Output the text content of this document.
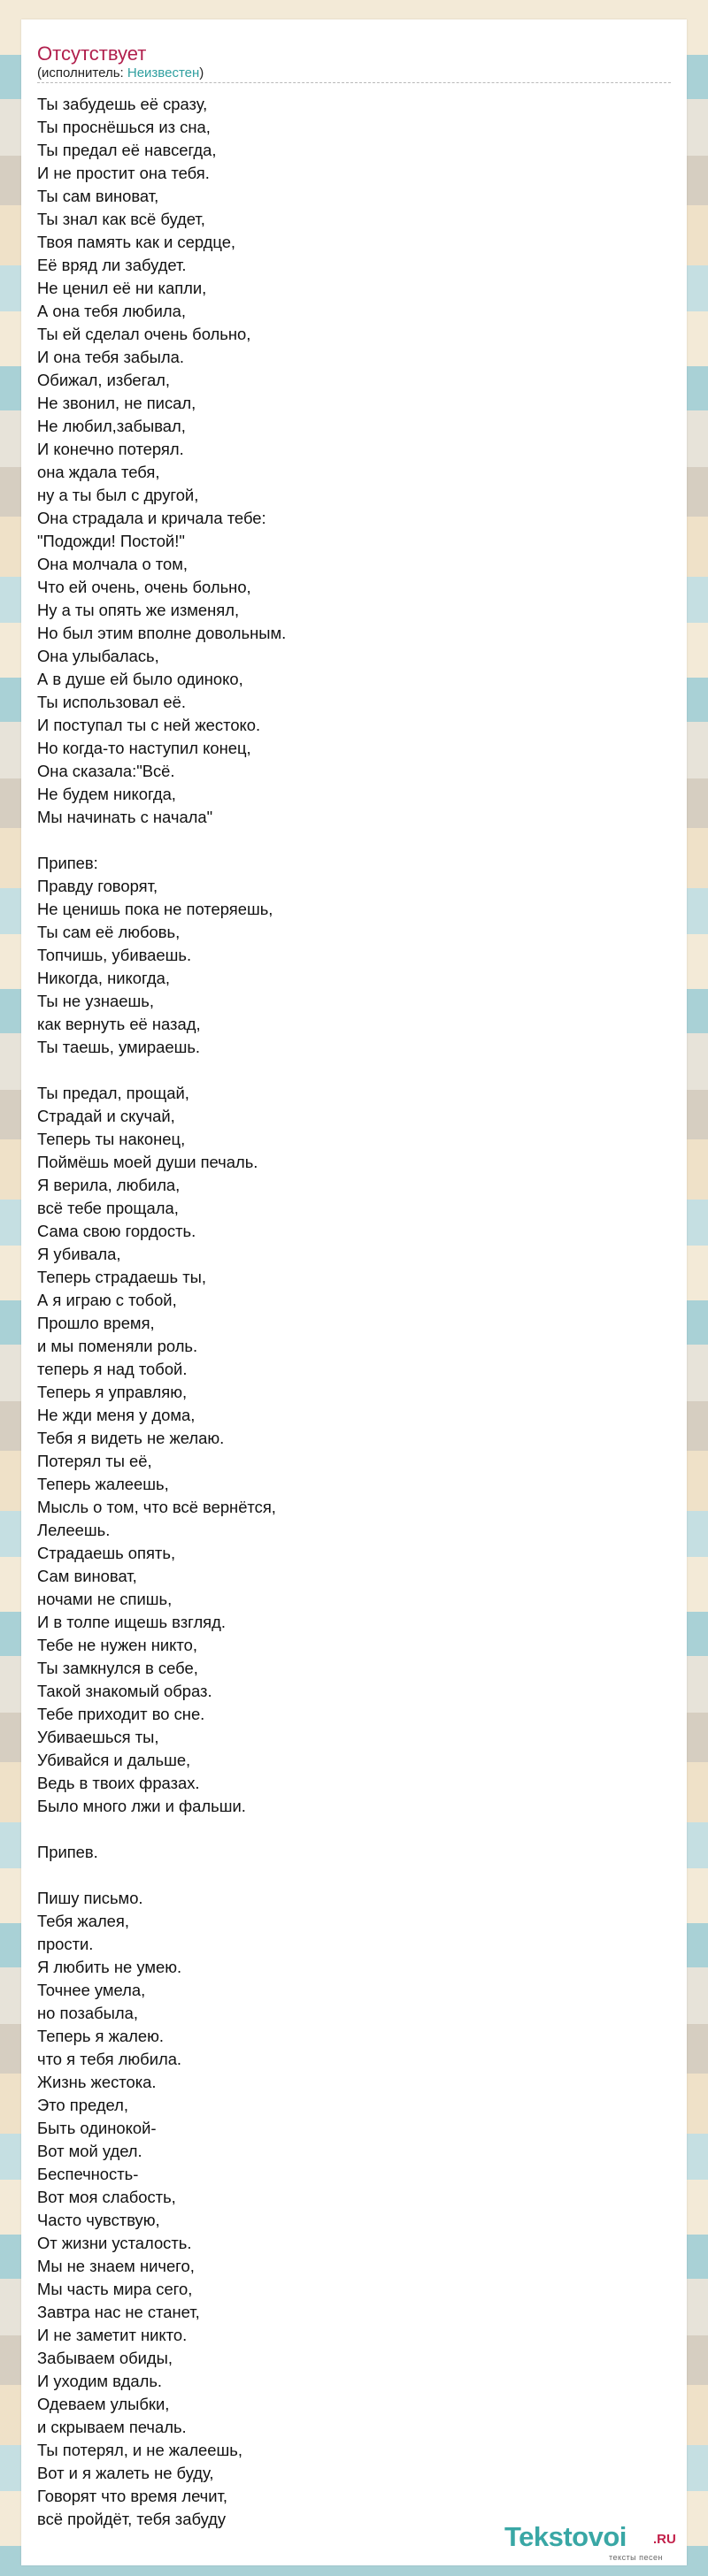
Отсутствует
(исполнитель: Неизвестен)
Ты забудешь её сразу,
Ты проснёшься из сна,
Ты предал её навсегда,
И не простит она тебя.
Ты сам виноват,
Ты знал как всё будет,
Твоя память как и сердце,
Её вряд ли забудет.
Не ценил её ни капли,
А она тебя любила,
Ты ей сделал очень больно,
И она тебя забыла.
Обижал, избегал,
Не звонил, не писал,
Не любил,забывал,
И конечно потерял.
она ждала тебя,
ну а ты был с другой,
Она страдала и кричала тебе:
"Подожди! Постой!"
Она молчала о том,
Что ей очень, очень больно,
Ну а ты опять же изменял,
Но был этим вполне довольным.
Она улыбалась,
А в душе ей было одиноко,
Ты использовал её.
И поступал ты с ней жестоко.
Но когда-то наступил конец,
Она сказала:"Всё.
Не будем никогда,
Мы начинать с начала"

Припев:
Правду говорят,
Не ценишь пока не потеряешь,
Ты сам её любовь,
Топчишь, убиваешь.
Никогда, никогда,
Ты не узнаешь,
как вернуть её назад,
Ты таешь, умираешь.

Ты предал, прощай,
Страдай и скучай,
Теперь ты наконец,
Поймёшь моей души печаль.
Я верила, любила,
всё тебе прощала,
Сама свою гордость.
Я убивала,
Теперь страдаешь ты,
А я играю с тобой,
Прошло время,
и мы поменяли роль.
теперь я над тобой.
Теперь я управляю,
Не жди меня у дома,
Тебя я видеть не желаю.
Потерял ты её,
Теперь жалеешь,
Мысль о том, что всё вернётся,
Лелеешь.
Страдаешь опять,
Сам виноват,
ночами не спишь,
И в толпе ищешь взгляд.
Тебе не нужен никто,
Ты замкнулся в себе,
Такой знакомый образ.
Тебе приходит во сне.
Убиваешься ты,
Убивайся и дальше,
Ведь в твоих фразах.
Было много лжи и фальши.

Припев.

Пишу письмо.
Тебя жалея,
прости.
Я любить не умею.
Точнее умела,
но позабыла,
Теперь я жалею.
что я тебя любила.
Жизнь жестока.
Это предел,
Быть одинокой-
Вот мой удел.
Беспечность-
Вот моя слабость,
Часто чувствую,
От жизни усталость.
Мы не знаем ничего,
Мы часть мира сего,
Завтра нас не станет,
И не заметит никто.
Забываем обиды,
И уходим вдаль.
Одеваем улыбки,
и скрываем печаль.
Ты потерял, и не жалеешь,
Вот и я жалеть не буду,
Говорят что время лечит,
всё пройдёт, тебя забуду
Tekstovoi .RU
тексты песен
